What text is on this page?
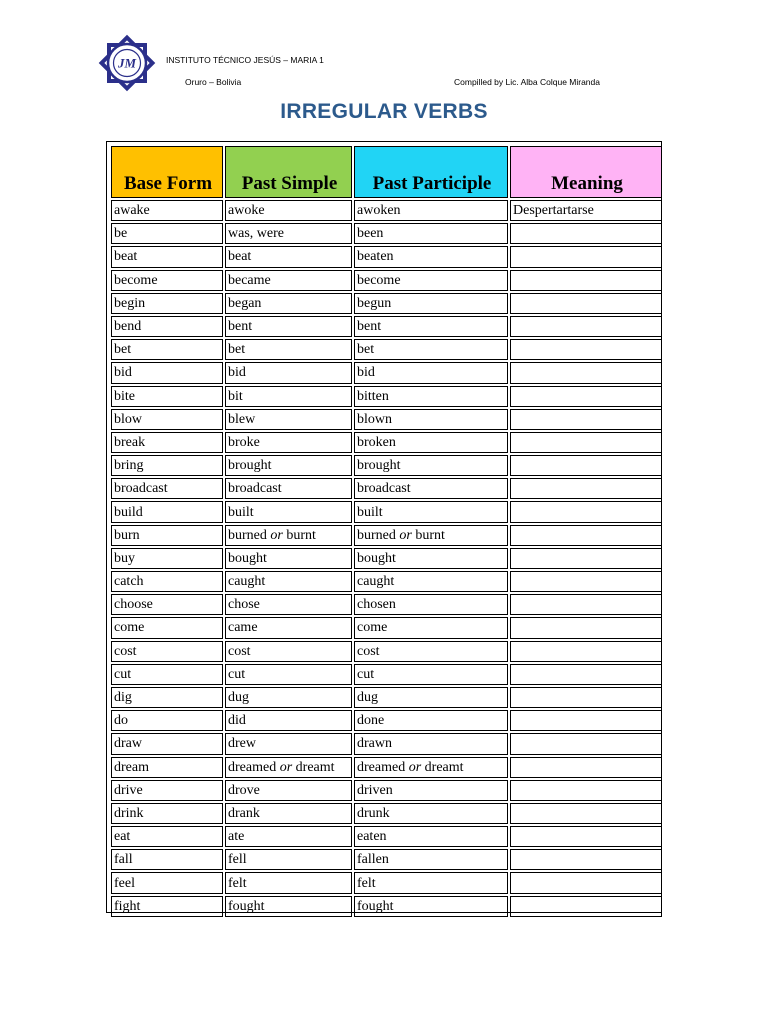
JM	INSTITUTO TÉCNICO JESÚS – MARIA 1
Oruro – Bolivia	Compilled by Lic. Alba Colque Miranda
IRREGULAR VERBS
Base Form	Past Simple	Past Participle	Meaning
awake	awoke	awoken	Despertartarse
be	was, were	been	
beat	beat	beaten	
become	became	become	
begin	began	begun	
bend	bent	bent	
bet	bet	bet	
bid	bid	bid	
bite	bit	bitten	
blow	blew	blown	
break	broke	broken	
bring	brought	brought	
broadcast	broadcast	broadcast	
build	built	built	
burn	burned or burnt	burned or burnt	
buy	bought	bought	
catch	caught	caught	
choose	chose	chosen	
come	came	come	
cost	cost	cost	
cut	cut	cut	
dig	dug	dug	
do	did	done	
draw	drew	drawn	
dream	dreamed or dreamt	dreamed or dreamt	
drive	drove	driven	
drink	drank	drunk	
eat	ate	eaten	
fall	fell	fallen	
feel	felt	felt	
fight	fought	fought	
